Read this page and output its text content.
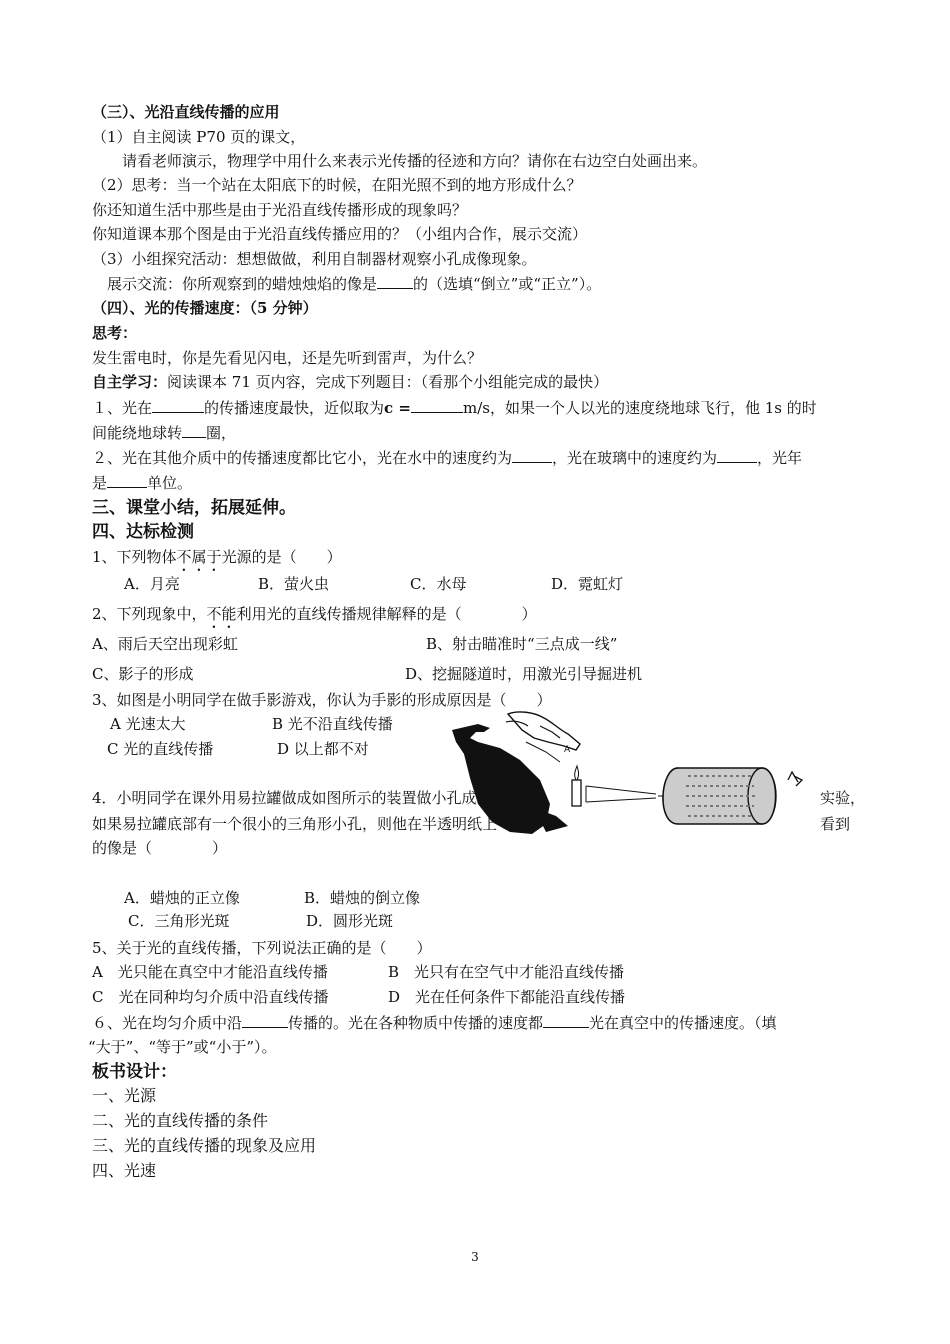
（三）、光沿直线传播的应用
（1）自主阅读 P70 页的课文，
请看老师演示，物理学中用什么来表示光传播的径迹和方向？请你在右边空白处画出来。
（2）思考：当一个站在太阳底下的时候，在阳光照不到的地方形成什么？
你还知道生活中那些是由于光沿直线传播形成的现象吗？
你知道课本那个图是由于光沿直线传播应用的？（小组内合作，展示交流）
（3）小组探究活动：想想做做，利用自制器材观察小孔成像现象。
展示交流：你所观察到的蜡烛烛焰的像是 的（选填“倒立”或“正立”）。
（四）、光的传播速度：（5 分钟）
思考：
发生雷电时，你是先看见闪电，还是先听到雷声，为什么？
自主学习：阅读课本 71 页内容，完成下列题目：（看那个小组能完成的最快）
１、光在	的传播速度最快，近似取为c =	m/s，如果一个人以光的速度绕地球飞行，他 1s 的时
间能绕地球转 圈，
２、光在其他介质中的传播速度都比它小，光在水中的速度约为	，光在玻璃中的速度约为	，光年
是	单位。
三、课堂小结，拓展延伸。
四、达标检测
1、下列物体不属于光源的是（　　）
A．月亮	B．萤火虫	C．水母	D．霓虹灯
2、下列现象中，不能利用光的直线传播规律解释的是（　　　　）
A、雨后天空出现彩虹	B、射击瞄准时“三点成一线”
C、影子的形成	D、挖掘隧道时，用激光引导掘进机
3、如图是小明同学在做手影游戏，你认为手影的形成原因是（　　）
A 光速太大	B 光不沿直线传播
C 光的直线传播	D 以上都不对	A
4．小明同学在课外用易拉罐做成如图所示的装置做小孔成像	实验，
如果易拉罐底部有一个很小的三角形小孔，则他在半透明纸上	看到
的像是（　　　　）
A．蜡烛的正立像	B．蜡烛的倒立像
C．三角形光斑	D．圆形光斑
5、关于光的直线传播，下列说法正确的是（　　）
A　光只能在真空中才能沿直线传播	B　光只有在空气中才能沿直线传播
C　光在同种均匀介质中沿直线传播	D　光在任何条件下都能沿直线传播
６、光在均匀介质中沿	传播的。光在各种物质中传播的速度都	光在真空中的传播速度。（填
“大于”、“等于”或“小于”）。
板书设计：
一、光源
二、光的直线传播的条件
三、光的直线传播的现象及应用
四、光速
3
